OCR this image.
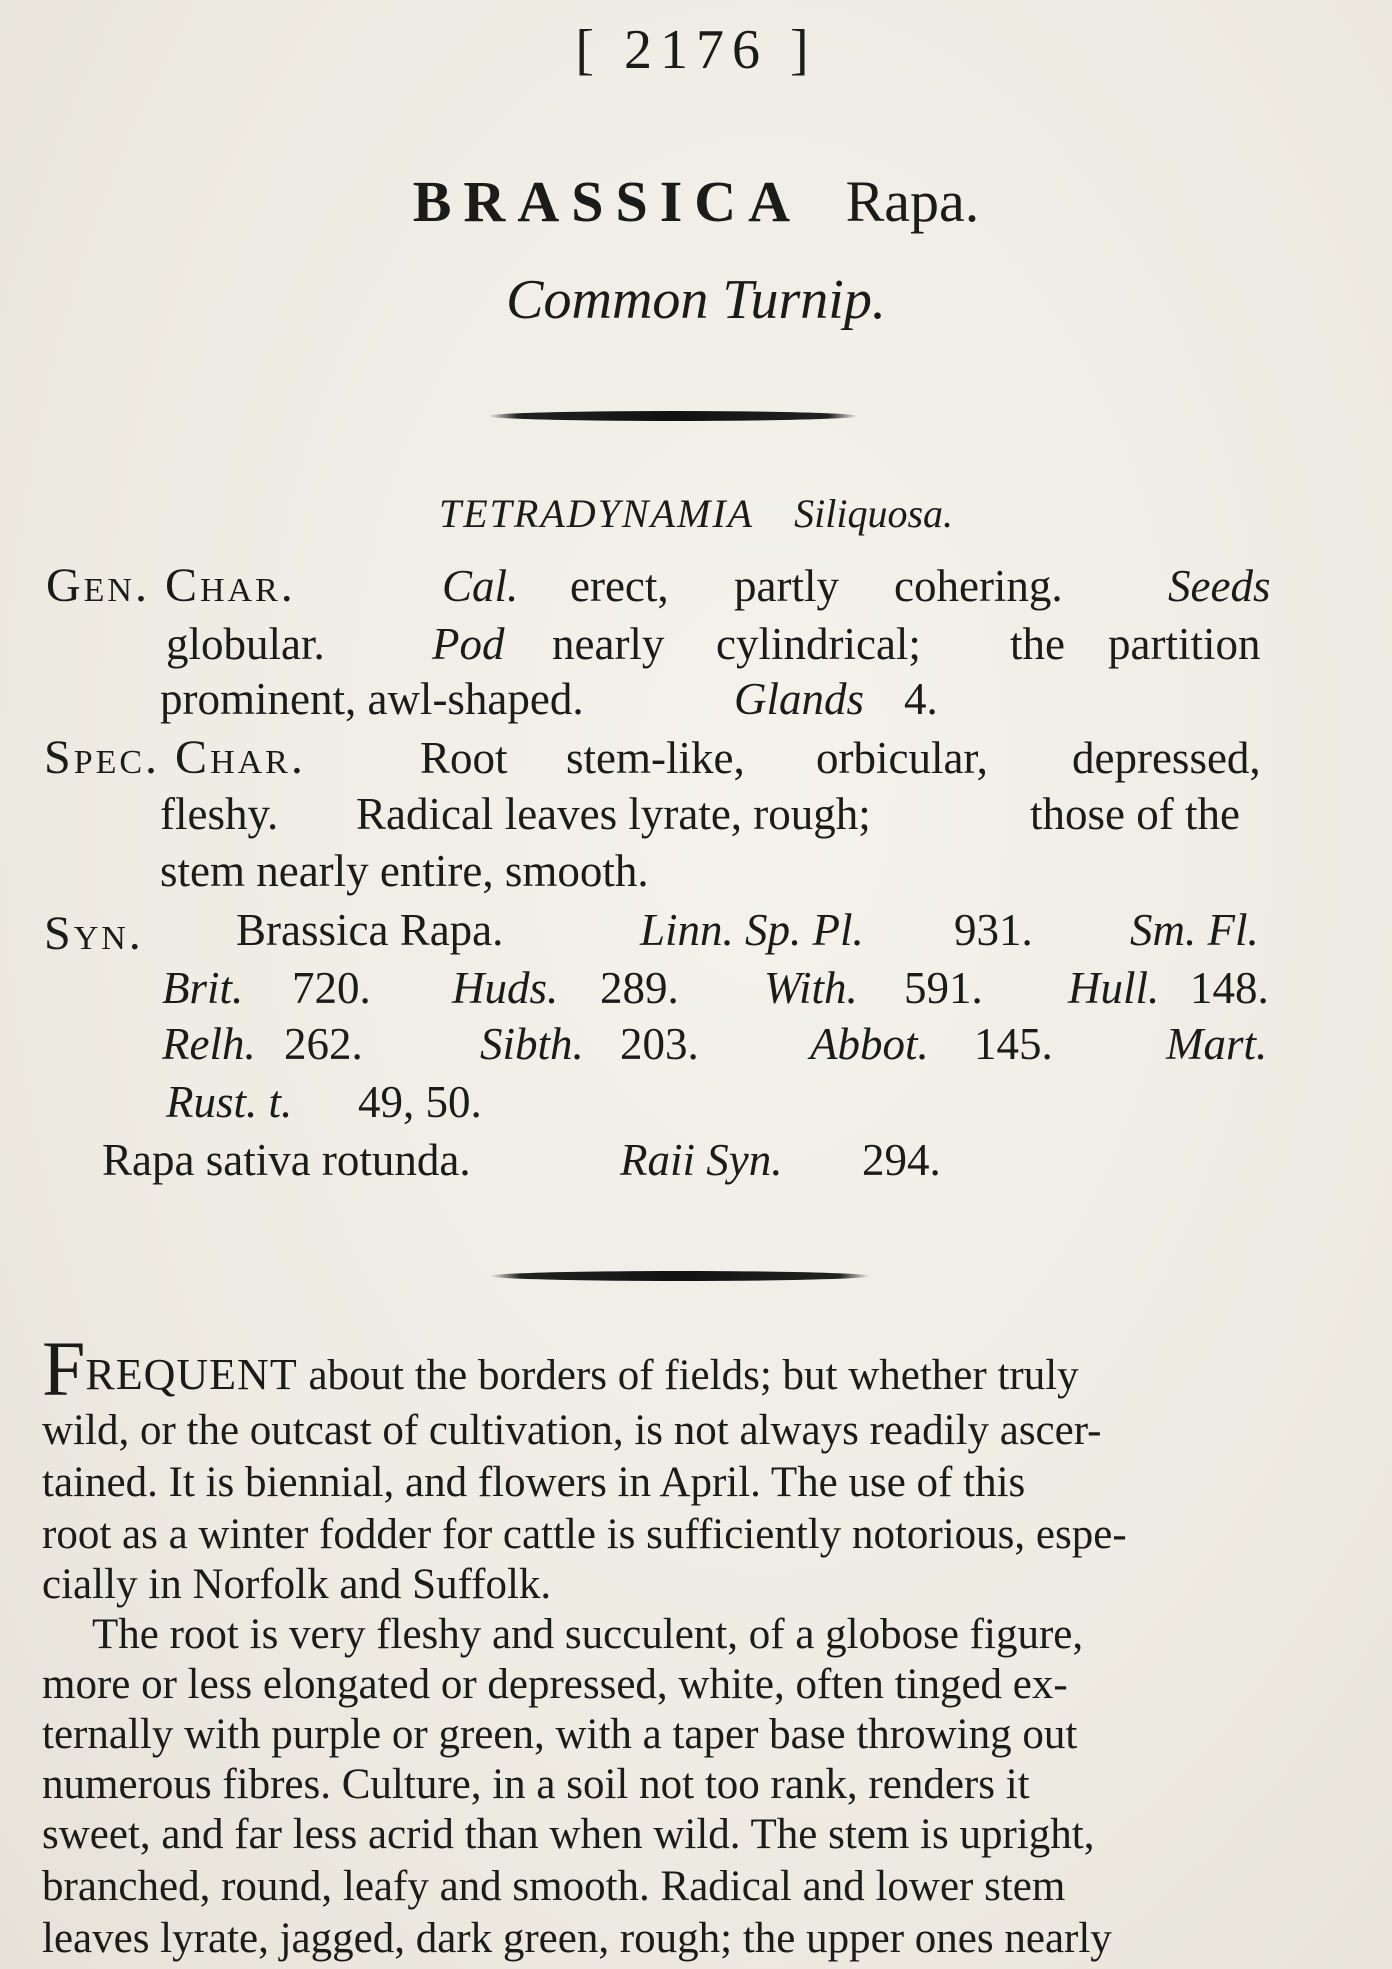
[ 2176 ]
BRASSICA Rapa.
Common Turnip.
TETRADYNAMIA Siliquosa.
Gen. Char.	Cal. erect, partly cohering. Seeds
globular. Pod nearly cylindrical; the partition
prominent, awl-shaped.	Glands 4.
Spec. Char.	Root stem-like, orbicular, depressed,
fleshy. Radical leaves lyrate, rough;	those of the
stem nearly entire, smooth.
Syn. Brassica Rapa.	Linn. Sp. Pl. 931. Sm. Fl.
Brit. 720. Huds. 289. With. 591. Hull. 148.
Relh. 262.	Sibth. 203. Abbot. 145.	Mart.
Rust. t. 49, 50.
Rapa sativa rotunda.	Raii Syn. 294.
FREQUENT about the borders of fields; but whether truly
wild, or the outcast of cultivation, is not always readily ascer-
tained. It is biennial, and flowers in April. The use of this
root as a winter fodder for cattle is sufficiently notorious, espe-
cially in Norfolk and Suffolk.
The root is very fleshy and succulent, of a globose figure,
more or less elongated or depressed, white, often tinged ex-
ternally with purple or green, with a taper base throwing out
numerous fibres. Culture, in a soil not too rank, renders it
sweet, and far less acrid than when wild. The stem is upright,
branched, round, leafy and smooth. Radical and lower stem
leaves lyrate, jagged, dark green, rough; the upper ones nearly
